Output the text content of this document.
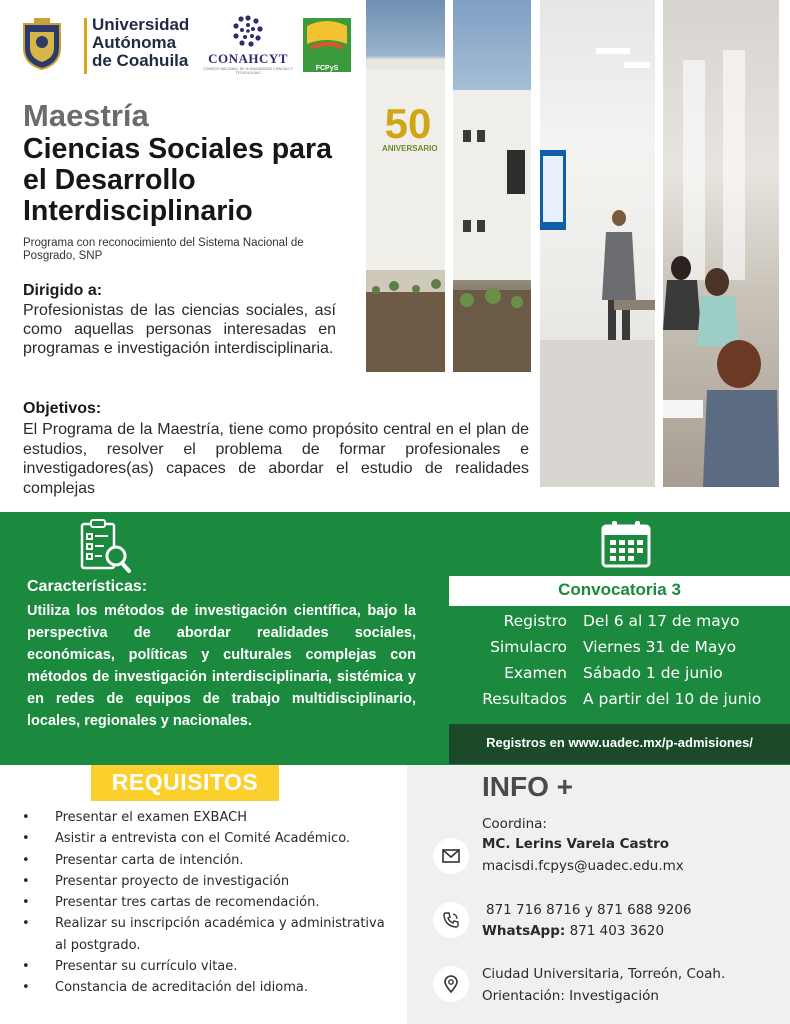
Universidad
Autónoma
de Coahuila	CONAHCYT
CONSEJO NACIONAL DE HUMANIDADES CIENCIAS Y TECNOLOGÍAS
FCPyS
Maestría
Ciencias Sociales para el Desarrollo Interdisciplinario
Programa con reconocimiento del Sistema Nacional de Posgrado, SNP
Dirigido a:
Profesionistas de las ciencias sociales, así como aquellas personas interesadas en programas e investigación interdisciplinaria.
Objetivos:
El Programa de la Maestría, tiene como propósito central en el plan de estudios, resolver el problema de formar profesionales e investigadores(as) capaces de abordar el estudio de realidades complejas
50
ANIVERSARIO
Características:
Utiliza los métodos de investigación científica, bajo la perspectiva de abordar realidades sociales, económicas, políticas y culturales complejas con métodos de investigación interdisciplinaria, sistémica y en redes de equipos de trabajo multidisciplinario, locales, regionales y nacionales.
Convocatoria 3
Registro Del 6 al 17 de mayo
Simulacro Viernes 31 de Mayo
Examen Sábado 1 de junio
Resultados A partir del 10 de junio
Registros en www.uadec.mx/p-admisiones/
REQUISITOS
• Presentar el examen EXBACH
• Asistir a entrevista con el Comité Académico.
• Presentar carta de intención.
• Presentar proyecto de investigación
• Presentar tres cartas de recomendación.
• Realizar su inscripción académica y administrativa al postgrado.
• Presentar su currículo vitae.
• Constancia de acreditación del idioma.
INFO +
Coordina:
MC. Lerins Varela Castro
macisdi.fcpys@uadec.edu.mx
871 716 8716 y 871 688 9206
WhatsApp: 871 403 3620
Ciudad Universitaria, Torreón, Coah.
Orientación: Investigación
